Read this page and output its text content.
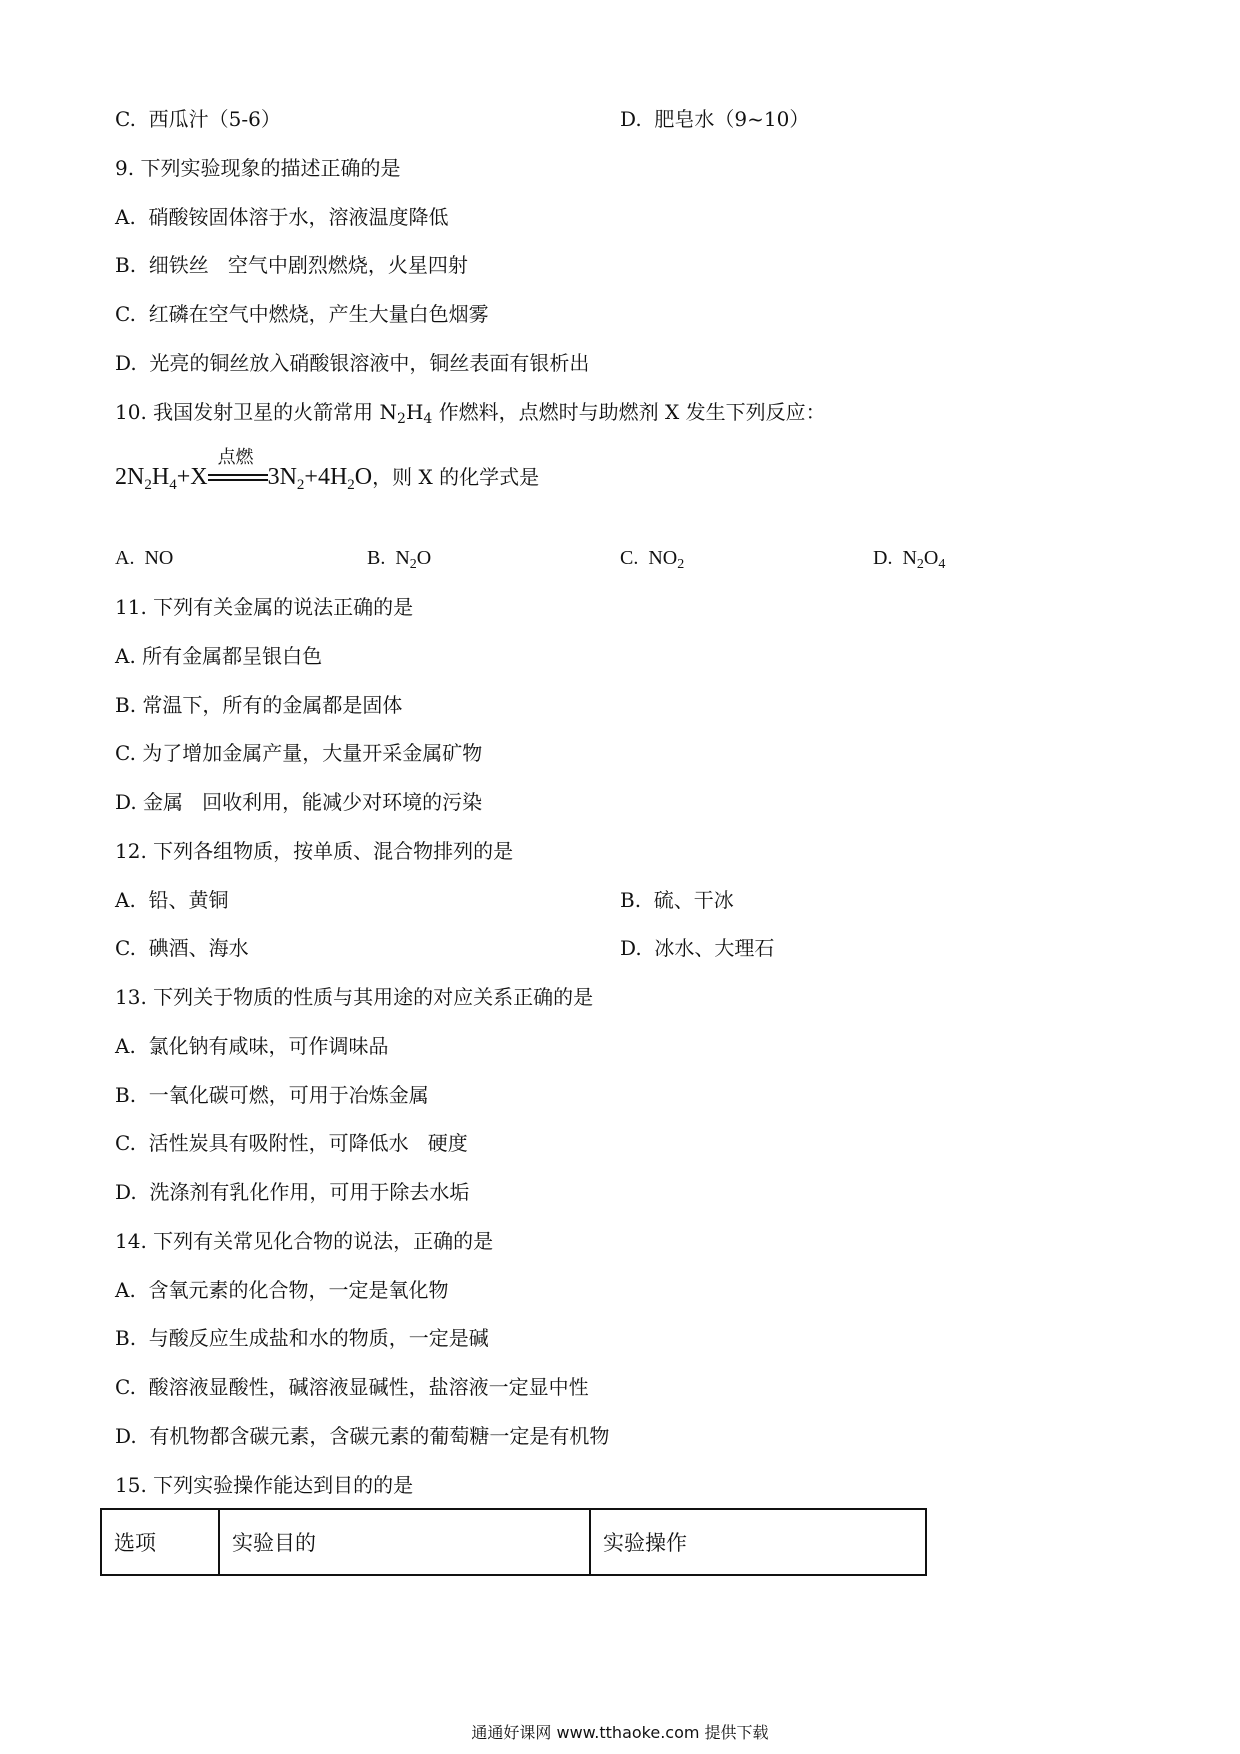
C.  西瓜汁（5-6）	D.  肥皂水（9~10）
9. 下列实验现象的描述正确的是
A.  硝酸铵固体溶于水，溶液温度降低
B.  细铁丝   空气中剧烈燃烧，火星四射
C.  红磷在空气中燃烧，产生大量白色烟雾
D.  光亮的铜丝放入硝酸银溶液中，铜丝表面有银析出
10. 我国发射卫星的火箭常用 $N_2H_4$ 作燃料，点燃时与助燃剂 X 发生下列反应：
$2N_2H_4+X$
点燃
$3N_2+4H_2O$，则 X 的化学式是
A.  NO	B.  $N_2O$	C.  $NO_2$	D.  $N_2O_4$
11. 下列有关金属的说法正确的是
A. 所有金属都呈银白色
B. 常温下，所有的金属都是固体
C. 为了增加金属产量，大量开采金属矿物
D. 金属   回收利用，能减少对环境的污染
12. 下列各组物质，按单质、混合物排列的是
A.  铅、黄铜	B.  硫、干冰
C.  碘酒、海水	D.  冰水、大理石
13. 下列关于物质的性质与其用途的对应关系正确的是
A.  氯化钠有咸味，可作调味品
B.  一氧化碳可燃，可用于冶炼金属
C.  活性炭具有吸附性，可降低水   硬度
D.  洗涤剂有乳化作用，可用于除去水垢
14. 下列有关常见化合物的说法，正确的是
A.  含氧元素的化合物，一定是氧化物
B.  与酸反应生成盐和水的物质，一定是碱
C.  酸溶液显酸性，碱溶液显碱性，盐溶液一定显中性
D.  有机物都含碳元素，含碳元素的葡萄糖一定是有机物
15. 下列实验操作能达到目的的是
选项	实验目的	实验操作
通通好课网 www.tthaoke.com 提供下载
